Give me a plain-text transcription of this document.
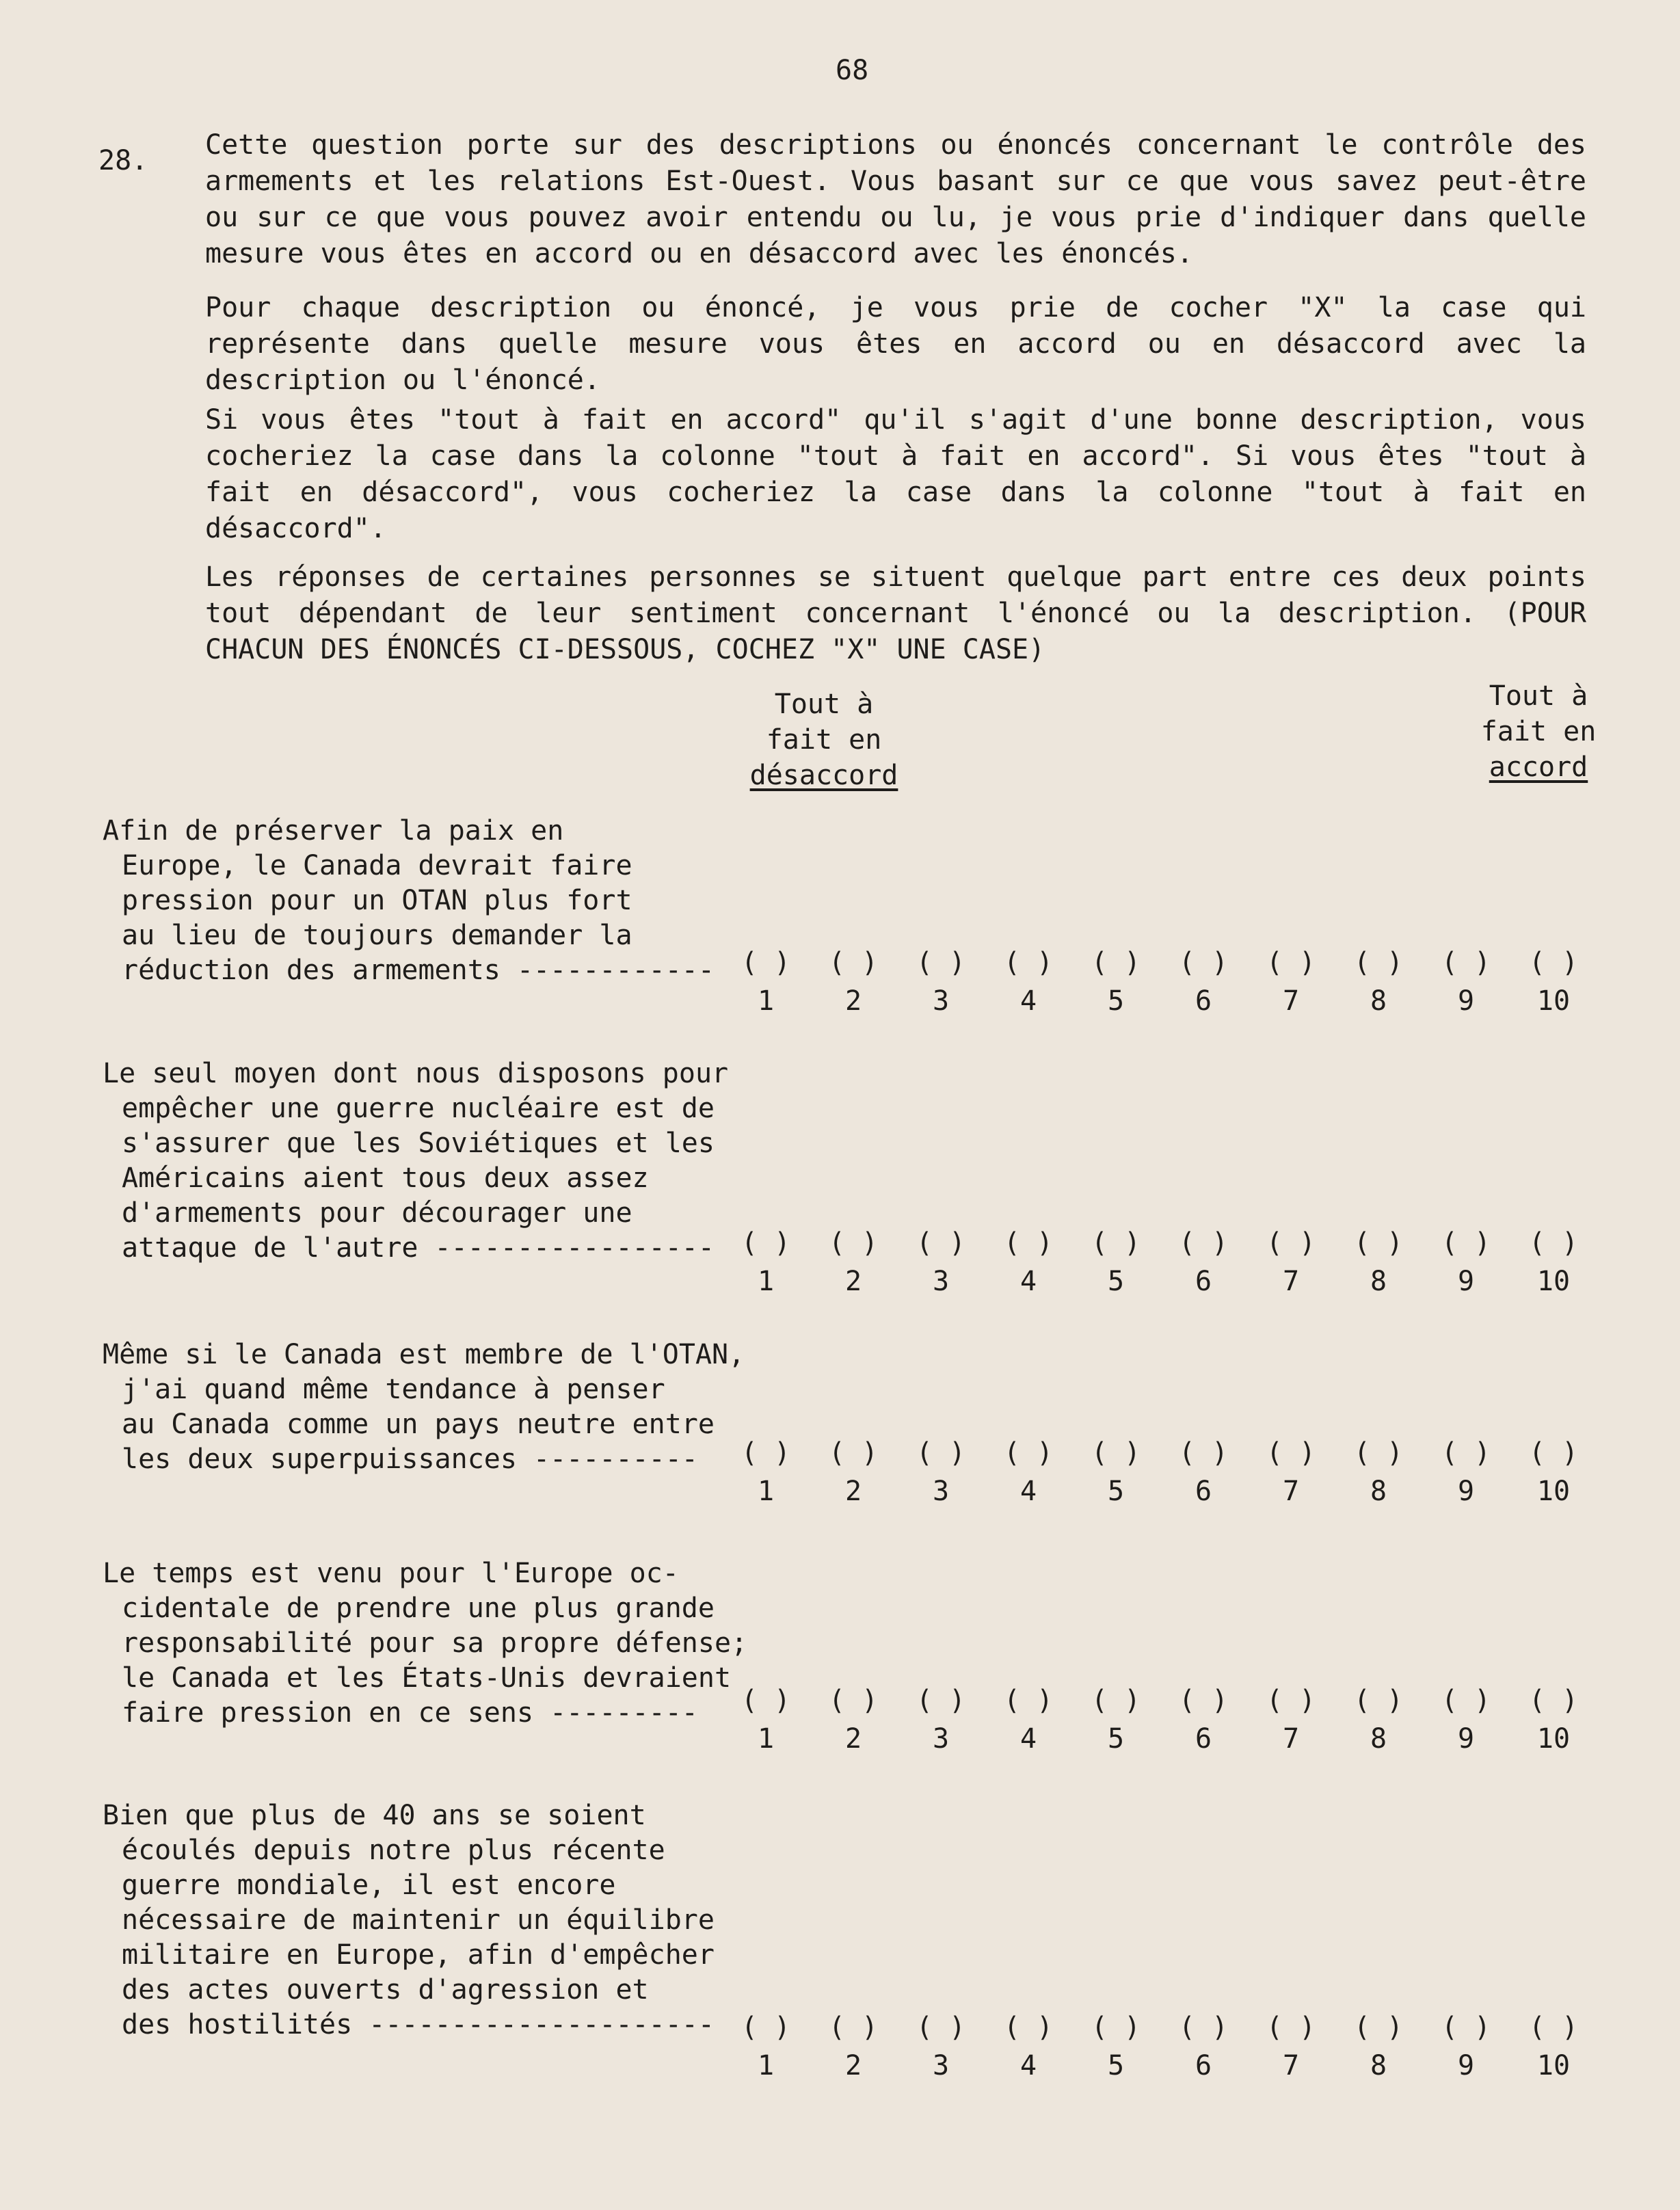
68
28. Cette question porte sur des descriptions ou énoncés concernant le contrôle des armements et les relations Est-Ouest. Vous basant sur ce que vous savez peut-être ou sur ce que vous pouvez avoir entendu ou lu, je vous prie d'indiquer dans quelle mesure vous êtes en accord ou en désaccord avec les énoncés.

Pour chaque description ou énoncé, je vous prie de cocher "X" la case qui représente dans quelle mesure vous êtes en accord ou en désaccord avec la description ou l'énoncé.

Si vous êtes "tout à fait en accord" qu'il s'agit d'une bonne description, vous cocheriez la case dans la colonne "tout à fait en accord". Si vous êtes "tout à fait en désaccord", vous cocheriez la case dans la colonne "tout à fait en désaccord".

Les réponses de certaines personnes se situent quelque part entre ces deux points tout dépendant de leur sentiment concernant l'énoncé ou la description. (POUR CHACUN DES ÉNONCÉS CI-DESSOUS, COCHEZ "X" UNE CASE)

Tout à
fait en
désaccord
Tout à
fait en
accord
Afin de préserver la paix en
Europe, le Canada devrait faire
pression pour un OTAN plus fort
au lieu de toujours demander la
réduction des armements ------------
Le seul moyen dont nous disposons pour
empêcher une guerre nucléaire est de
s'assurer que les Soviétiques et les
Américains aient tous deux assez
d'armements pour décourager une
attaque de l'autre -----------------
Même si le Canada est membre de l'OTAN,
j'ai quand même tendance à penser
au Canada comme un pays neutre entre
les deux superpuissances ----------
Le temps est venu pour l'Europe oc-
cidentale de prendre une plus grande
responsabilité pour sa propre défense;
le Canada et les États-Unis devraient
faire pression en ce sens ---------
Bien que plus de 40 ans se soient
écoulés depuis notre plus récente
guerre mondiale, il est encore
nécessaire de maintenir un équilibre
militaire en Europe, afin d'empêcher
des actes ouverts d'agression et
des hostilités ---------------------
( )
1
( )
2
( )
3
( )
4
( )
5
( )
6
( )
7
( )
8
( )
9
( )
10
( )
1
( )
2
( )
3
( )
4
( )
5
( )
6
( )
7
( )
8
( )
9
( )
10
( )
1
( )
2
( )
3
( )
4
( )
5
( )
6
( )
7
( )
8
( )
9
( )
10
( )
1
( )
2
( )
3
( )
4
( )
5
( )
6
( )
7
( )
8
( )
9
( )
10
( )
1
( )
2
( )
3
( )
4
( )
5
( )
6
( )
7
( )
8
( )
9
( )
10
